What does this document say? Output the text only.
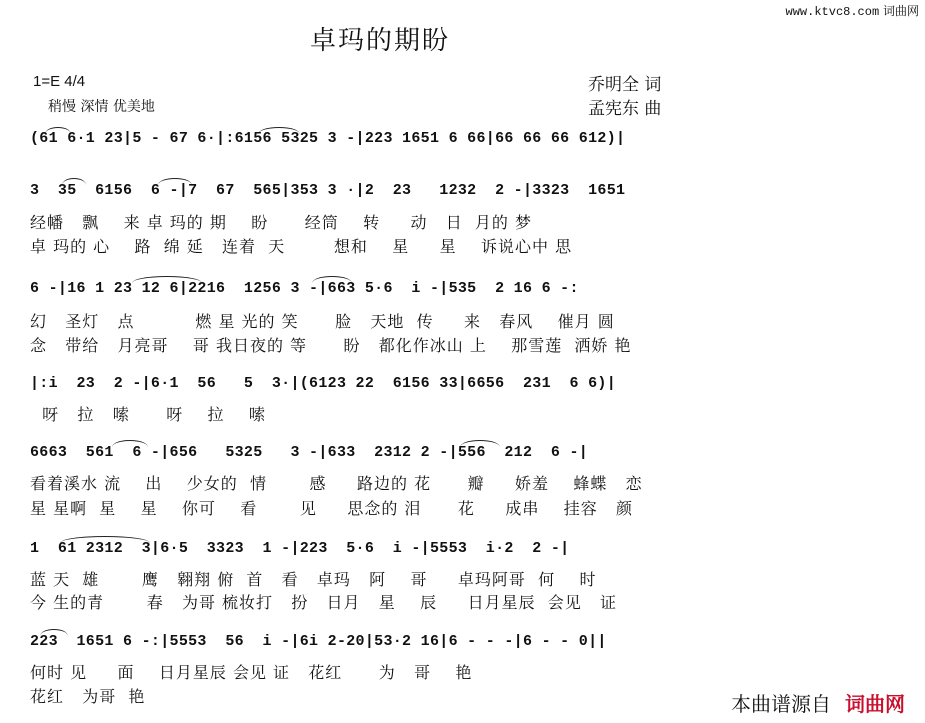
www.ktvc8.com 词曲网
卓玛的期盼
1=E 4/4
稍慢 深情 优美地
乔明全 词
孟宪东 曲
(61 6·1 23|5 - 67 6·|:6156 5325 3 -|223 1651 6 66|66 66 66 612)|
3  35  6156  6 -|7  67  565|353 3 ·|2  23   1232  2 -|3323  1651
经幡   飘    来 卓 玛的 期    盼      经筒    转     动   日  月的 梦
卓 玛的 心    路  绵 延   连着  天        想和    星     星    诉说心中 思
6 -|16 1 23 12 6|2216  1256 3 -|663 5·6  i -|535  2 16 6 -:
幻   圣灯   点          燃 星 光的 笑      脸   天地  传     来   春风    催月 圆
念   带给   月亮哥    哥 我日夜的 等      盼   都化作冰山 上    那雪莲  洒娇 艳
|:i  23  2 -|6·1  56   5  3·|(6123 22  6156 33|6656  231  6 6)|
呀   拉   嗦      呀    拉    嗦
6663  561  6 -|656   5325   3 -|633  2312 2 -|556  212  6 -|
看着溪水 流    出    少女的  情       感     路边的 花      瓣     娇羞    蜂蝶   恋
星 星啊  星    星    你可    看       见     思念的 泪      花     成串    挂容   颜
1  61 2312  3|6·5  3323  1 -|223  5·6  i -|5553  i·2  2 -|
蓝 天  雄       鹰   翱翔 俯  首   看   卓玛   阿    哥     卓玛阿哥  何    时
今 生的青       春   为哥 梳妆打   扮   日月   星    辰     日月星辰  会见   证
223  1651 6 -:|5553  56  i -|6i 2-20|53·2 16|6 - - -|6 - - 0||
何时 见     面    日月星辰 会见 证   花红      为   哥    艳
花红   为哥  艳	本曲谱源自 词曲网
